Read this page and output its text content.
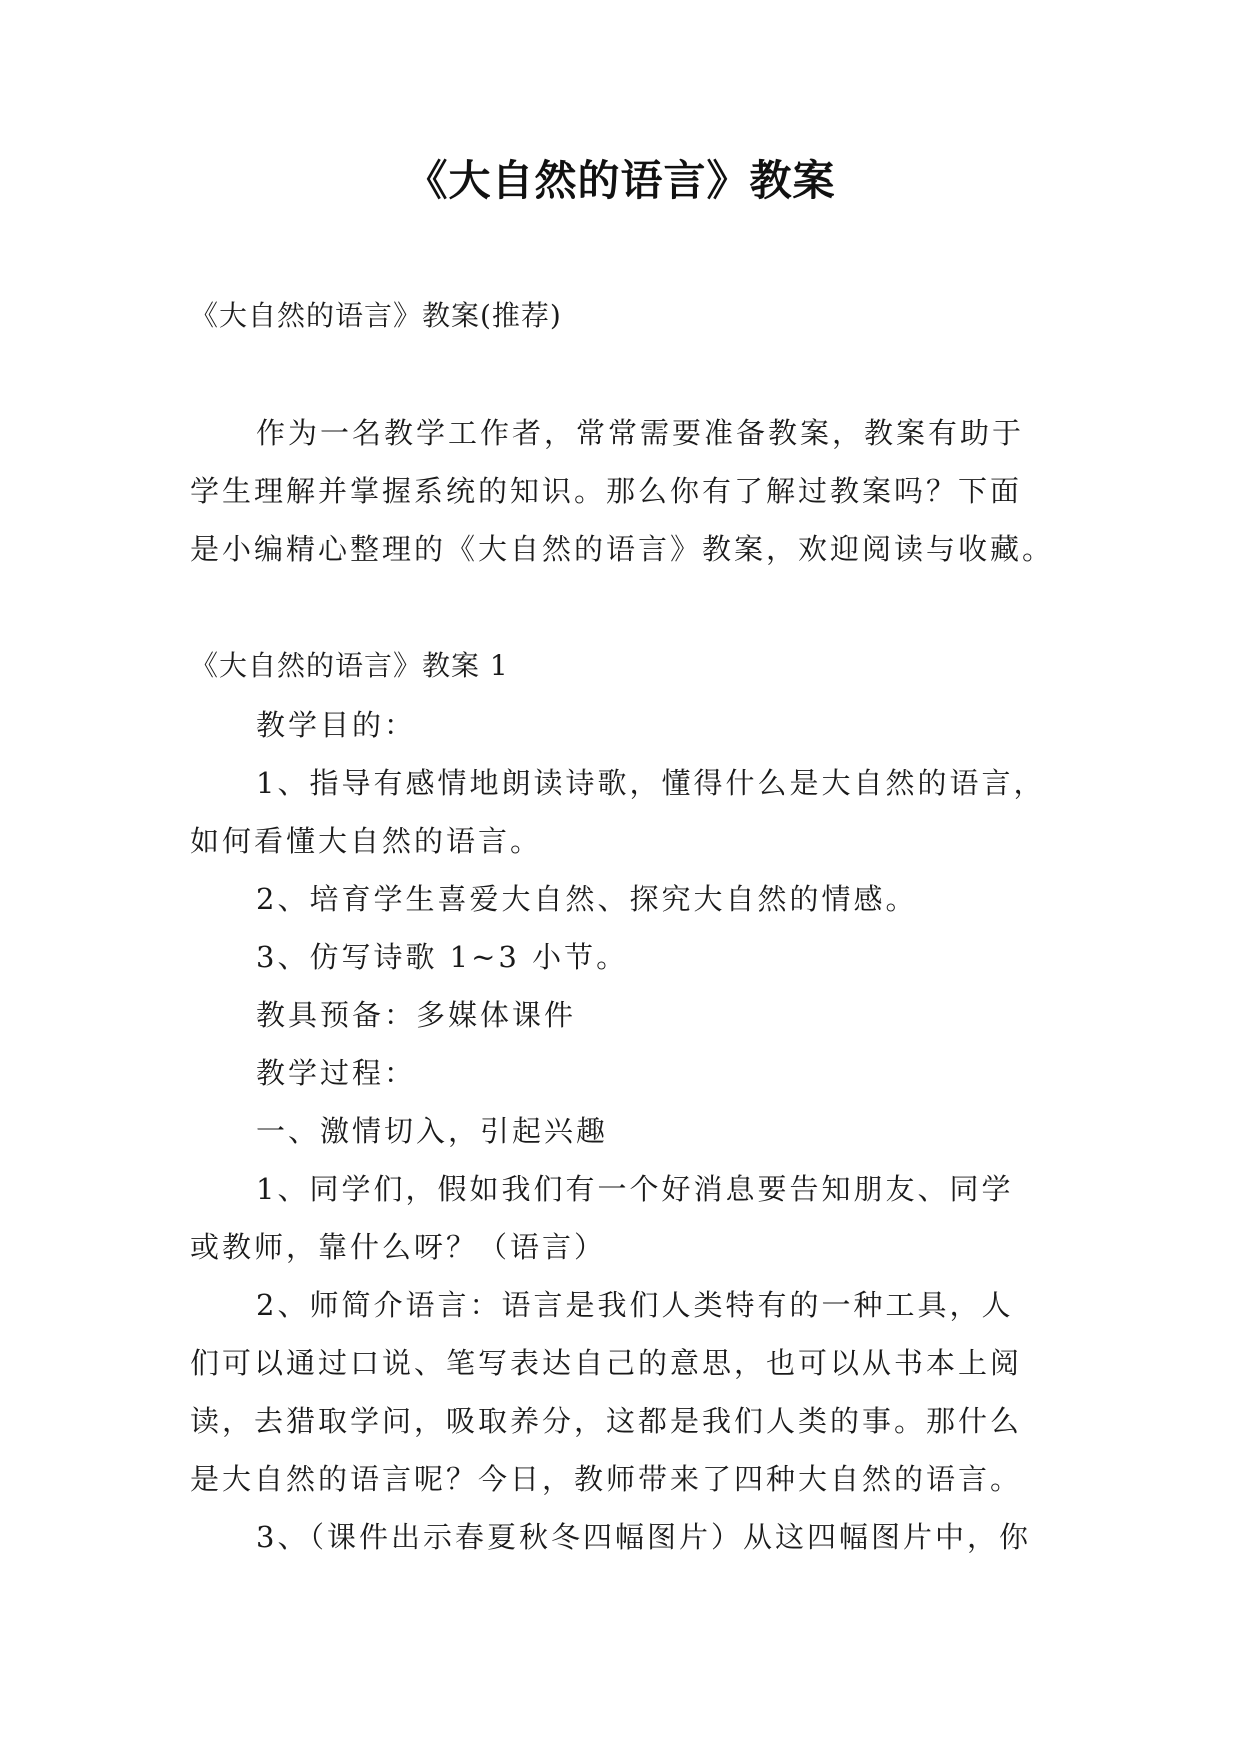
《大自然的语言》教案
《大自然的语言》教案(推荐)
作为一名教学工作者，常常需要准备教案，教案有助于
学生理解并掌握系统的知识。那么你有了解过教案吗？下面
是小编精心整理的《大自然的语言》教案，欢迎阅读与收藏。
《大自然的语言》教案 1
教学目的：
1、指导有感情地朗读诗歌，懂得什么是大自然的语言，
如何看懂大自然的语言。
2、培育学生喜爱大自然、探究大自然的情感。
3、仿写诗歌 1~3 小节。
教具预备：多媒体课件
教学过程：
一、激情切入，引起兴趣
1、同学们，假如我们有一个好消息要告知朋友、同学
或教师，靠什么呀？（语言）
2、师简介语言：语言是我们人类特有的一种工具，人
们可以通过口说、笔写表达自己的意思，也可以从书本上阅
读，去猎取学问，吸取养分，这都是我们人类的事。那什么
是大自然的语言呢？今日，教师带来了四种大自然的语言。
3、（课件出示春夏秋冬四幅图片）从这四幅图片中，你
